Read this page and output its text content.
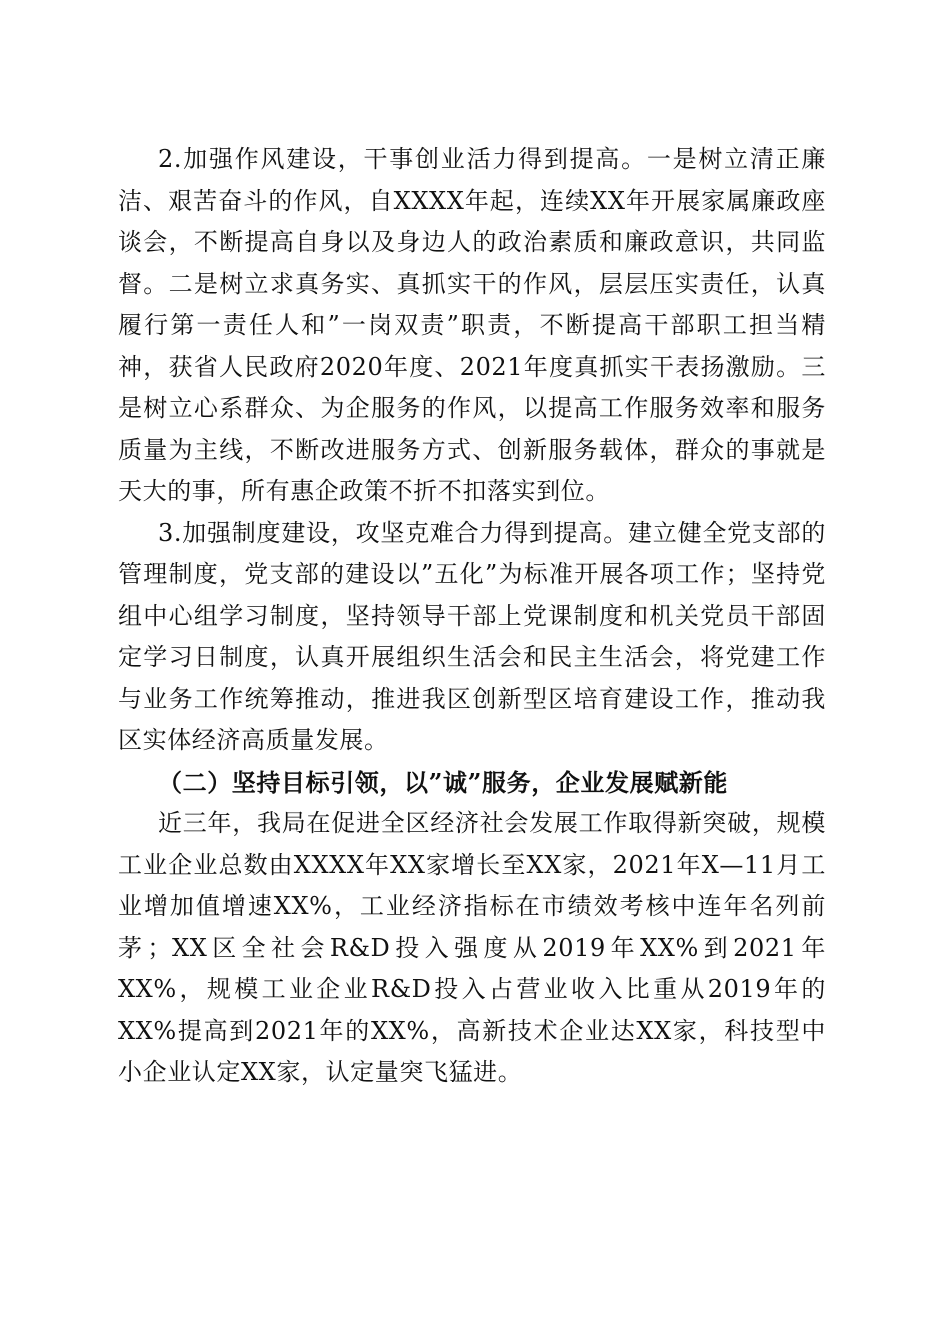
2.加强作风建设，干事创业活力得到提高。一是树立清正廉洁、艰苦奋斗的作风，自XXXX年起，连续XX年开展家属廉政座谈会，不断提高自身以及身边人的政治素质和廉政意识，共同监督。二是树立求真务实、真抓实干的作风，层层压实责任，认真履行第一责任人和”一岗双责”职责，不断提高干部职工担当精神，获省人民政府2020年度、2021年度真抓实干表扬激励。三是树立心系群众、为企服务的作风，以提高工作服务效率和服务质量为主线，不断改进服务方式、创新服务载体，群众的事就是天大的事，所有惠企政策不折不扣落实到位。

3.加强制度建设，攻坚克难合力得到提高。建立健全党支部的管理制度，党支部的建设以”五化”为标准开展各项工作；坚持党组中心组学习制度，坚持领导干部上党课制度和机关党员干部固定学习日制度，认真开展组织生活会和民主生活会，将党建工作与业务工作统筹推动，推进我区创新型区培育建设工作，推动我区实体经济高质量发展。

（二）坚持目标引领，以”诚”服务，企业发展赋新能

近三年，我局在促进全区经济社会发展工作取得新突破，规模工业企业总数由XXXX年XX家增长至XX家，2021年X—11月工业增加值增速XX%，工业经济指标在市绩效考核中连年名列前茅；XX区全社会R&D投入强度从2019年XX%到2021年XX%，规模工业企业R&D投入占营业收入比重从2019年的XX%提高到2021年的XX%，高新技术企业达XX家，科技型中小企业认定XX家，认定量突飞猛进。
